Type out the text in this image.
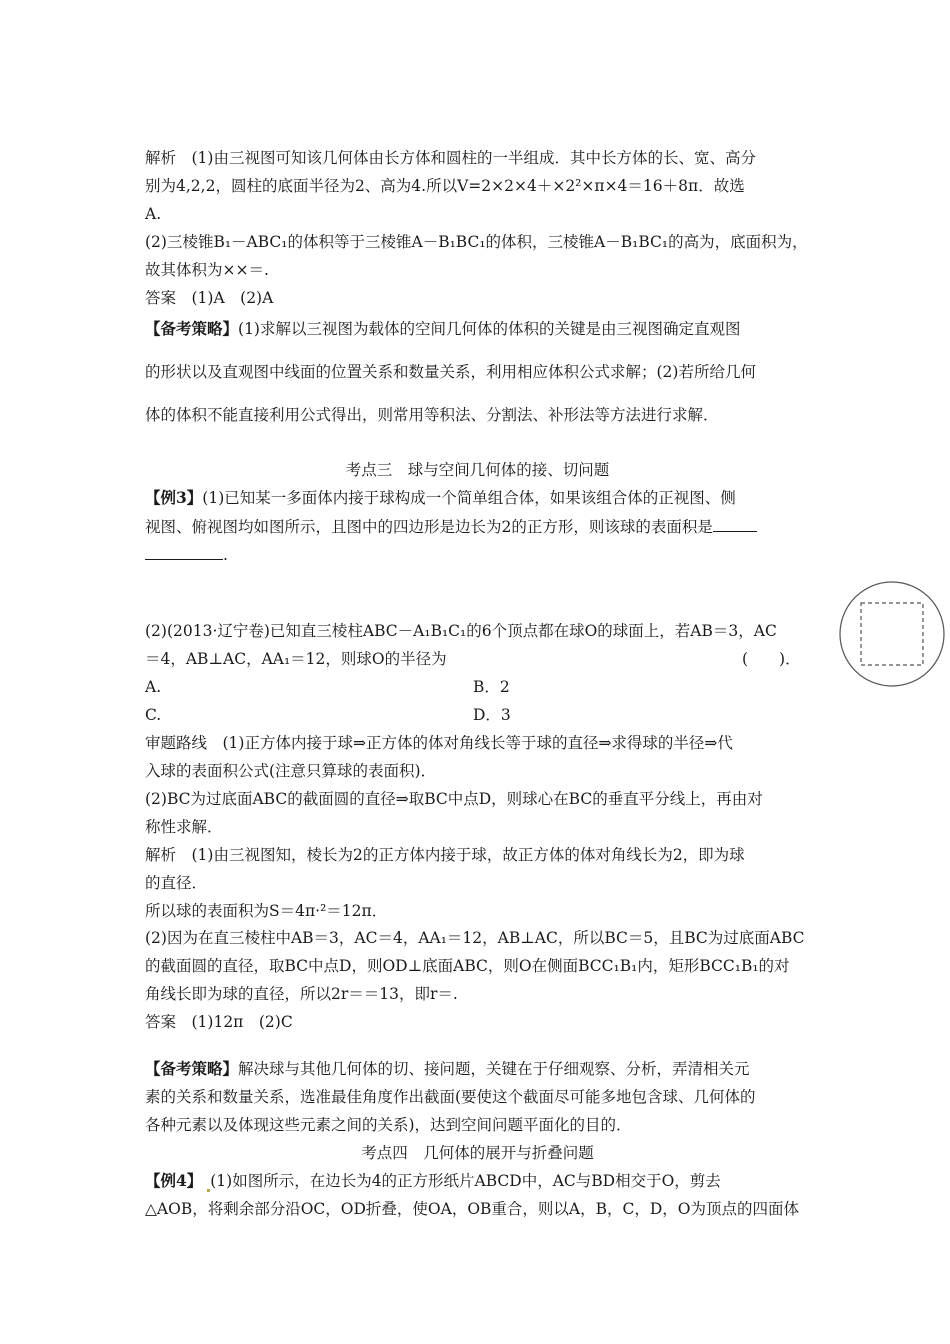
解析　(1)由三视图可知该几何体由长方体和圆柱的一半组成．其中长方体的长、宽、高分
别为4,2,2，圆柱的底面半径为2、高为4.所以V=2×2×4＋×2²×π×4＝16＋8π．故选
A.
(2)三棱锥B₁－ABC₁的体积等于三棱锥A－B₁BC₁的体积，三棱锥A－B₁BC₁的高为，底面积为，
故其体积为××＝.
答案　(1)A　(2)A
【备考策略】(1)求解以三视图为载体的空间几何体的体积的关键是由三视图确定直观图
的形状以及直观图中线面的位置关系和数量关系，利用相应体积公式求解；(2)若所给几何
体的体积不能直接利用公式得出，则常用等积法、分割法、补形法等方法进行求解．
考点三　球与空间几何体的接、切问题
【例3】(1)已知某一多面体内接于球构成一个简单组合体，如果该组合体的正视图、侧
视图、俯视图均如图所示，且图中的四边形是边长为2的正方形，则该球的表面积是
.
(2)(2013·辽宁卷)已知直三棱柱ABC－A₁B₁C₁的6个顶点都在球O的球面上，若AB＝3，AC
＝4，AB⊥AC，AA₁＝12，则球O的半径为	(　　)．
A.	B．2
C.	D．3
审题路线　(1)正方体内接于球⇒正方体的体对角线长等于球的直径⇒求得球的半径⇒代
入球的表面积公式(注意只算球的表面积)．
(2)BC为过底面ABC的截面圆的直径⇒取BC中点D，则球心在BC的垂直平分线上，再由对
称性求解．
解析　(1)由三视图知，棱长为2的正方体内接于球，故正方体的体对角线长为2，即为球
的直径．
所以球的表面积为S＝4π·²＝12π．
(2)因为在直三棱柱中AB＝3，AC＝4，AA₁＝12，AB⊥AC，所以BC＝5，且BC为过底面ABC
的截面圆的直径，取BC中点D，则OD⊥底面ABC，则O在侧面BCC₁B₁内，矩形BCC₁B₁的对
角线长即为球的直径，所以2r＝＝13，即r＝.
答案　(1)12π　(2)C
【备考策略】解决球与其他几何体的切、接问题，关键在于仔细观察、分析，弄清相关元
素的关系和数量关系，选准最佳角度作出截面(要使这个截面尽可能多地包含球、几何体的
各种元素以及体现这些元素之间的关系)，达到空间问题平面化的目的．
考点四　几何体的展开与折叠问题
【例4】 (1)如图所示，在边长为4的正方形纸片ABCD中，AC与BD相交于O，剪去
△AOB，将剩余部分沿OC，OD折叠，使OA，OB重合，则以A，B，C，D，O为顶点的四面体
